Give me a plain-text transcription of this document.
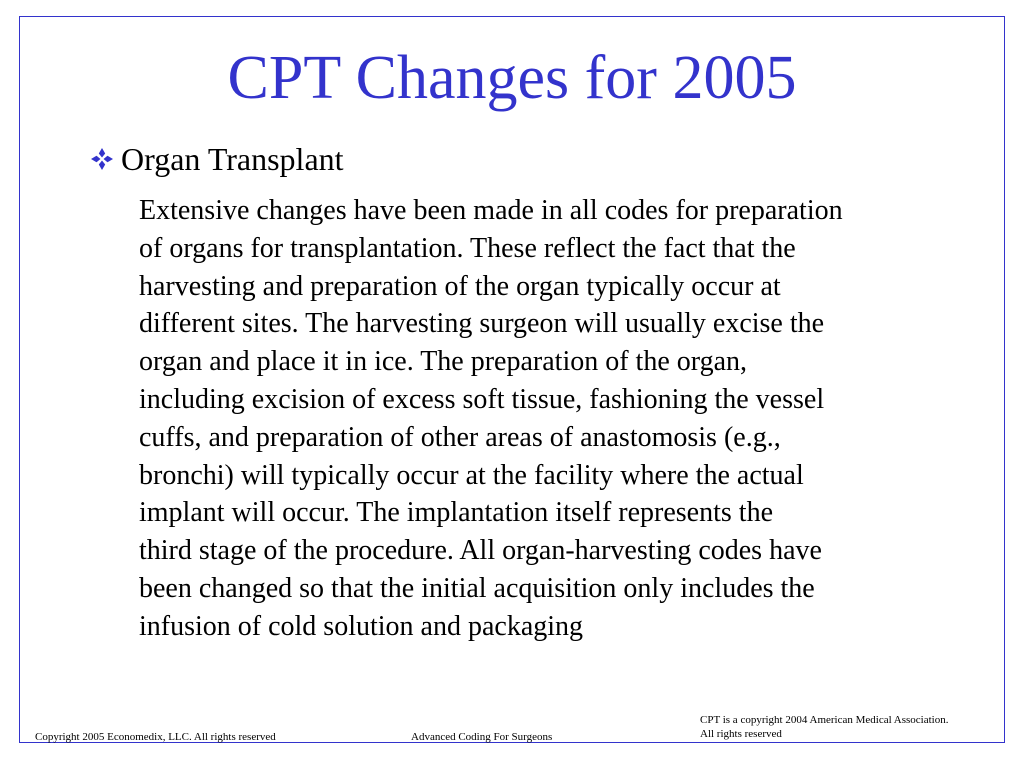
CPT Changes for 2005
Organ Transplant
Extensive changes have been made in all codes for preparation
of organs for transplantation. These reflect the fact that the
harvesting and preparation of the organ typically occur at
different sites. The harvesting surgeon will usually excise the
organ and place it in ice. The preparation of the organ,
including excision of excess soft tissue, fashioning the vessel
cuffs, and preparation of other areas of anastomosis (e.g.,
bronchi) will typically occur at the facility where the actual
implant will occur. The implantation itself represents the
third stage of the procedure. All organ-harvesting codes have
been changed so that the initial acquisition only includes the
infusion of cold solution and packaging
Copyright 2005 Economedix, LLC. All rights reserved	Advanced Coding For Surgeons
CPT is a copyright 2004 American Medical Association.
All rights reserved
